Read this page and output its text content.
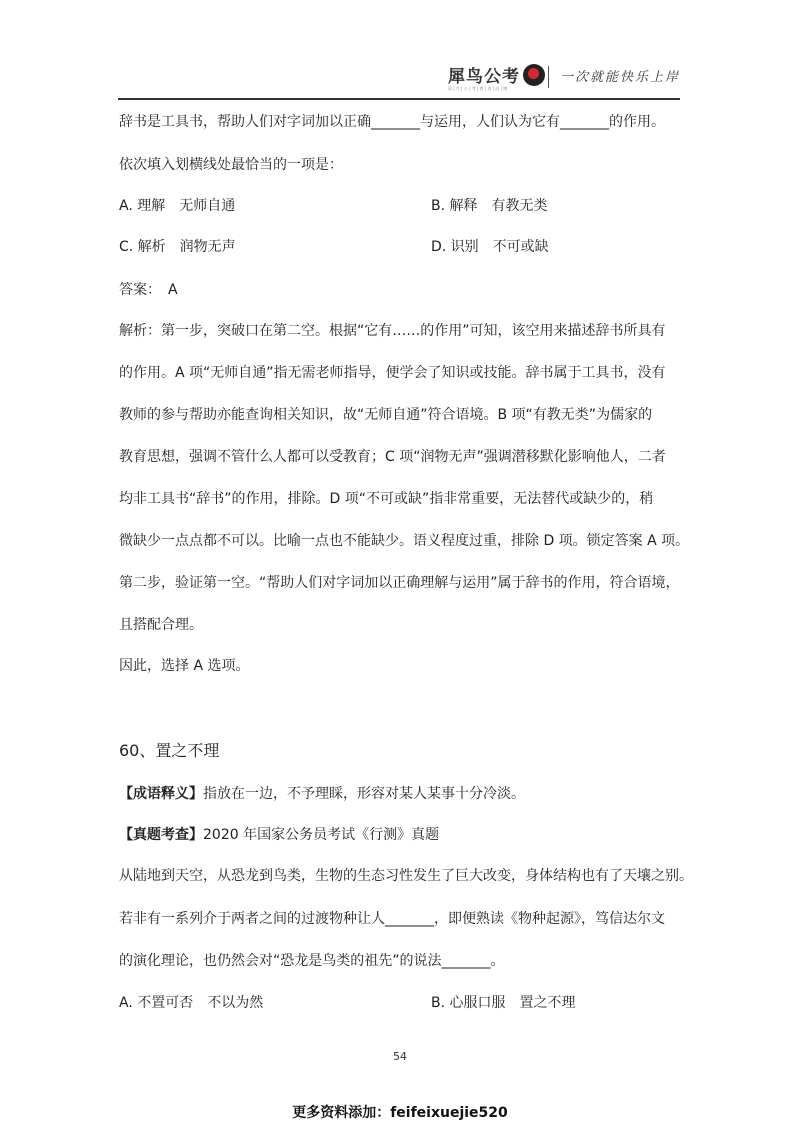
犀鸟公考
犀 | 鸟 | 公 | 考 | 教 | 育 | 品 | 牌
一次就能快乐上岸
辞书是工具书，帮助人们对字词加以正确_______与运用，人们认为它有_______的作用。
依次填入划横线处最恰当的一项是：
A. 理解　无师自通	B. 解释　有教无类
C. 解析　润物无声	D. 识别　不可或缺
答案：　A
解析：第一步，突破口在第二空。根据“它有……的作用”可知，该空用来描述辞书所具有
的作用。A 项“无师自通”指无需老师指导，便学会了知识或技能。辞书属于工具书，没有
教师的参与帮助亦能查询相关知识，故“无师自通”符合语境。B 项“有教无类”为儒家的
教育思想，强调不管什么人都可以受教育；C 项“润物无声”强调潜移默化影响他人，二者
均非工具书“辞书”的作用，排除。D 项“不可或缺”指非常重要，无法替代或缺少的，稍
微缺少一点点都不可以。比喻一点也不能缺少。语义程度过重，排除 D 项。锁定答案 A 项。
第二步，验证第一空。“帮助人们对字词加以正确理解与运用”属于辞书的作用，符合语境，
且搭配合理。
因此，选择 A 选项。
60、置之不理
【成语释义】指放在一边，不予理睬，形容对某人某事十分冷淡。
【真题考查】2020 年国家公务员考试《行测》真题
从陆地到天空，从恐龙到鸟类，生物的生态习性发生了巨大改变，身体结构也有了天壤之别。
若非有一系列介于两者之间的过渡物种让人_______，即便熟读《物种起源》，笃信达尔文
的演化理论，也仍然会对“恐龙是鸟类的祖先”的说法_______。
A. 不置可否　不以为然	B. 心服口服　置之不理
54
更多资料添加：feifeixuejie520
